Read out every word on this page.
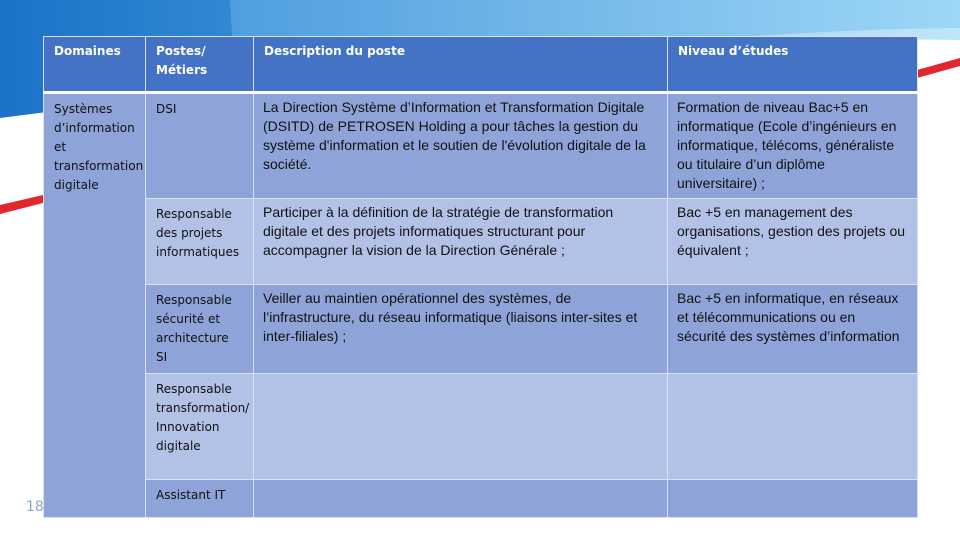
18
Domaines	Postes/ Métiers	Description du poste	Niveau d’études
Systèmes d’information et transformation digitale	DSI	La Direction Système d’Information et Transformation Digitale (DSITD) de PETROSEN Holding a pour tâches la gestion du système d'information et le soutien de l'évolution digitale de la société.	Formation de niveau Bac+5 en informatique (Ecole d’ingénieurs en informatique, télécoms, généraliste ou titulaire d’un diplôme universitaire) ;
	Responsable des projets informatiques	Participer à la définition de la stratégie de transformation digitale et des projets informatiques structurant pour accompagner la vision de la Direction Générale ;	Bac +5 en management des organisations, gestion des projets ou équivalent ;
	Responsable sécurité et architecture SI	Veiller au maintien opérationnel des systèmes, de l’infrastructure, du réseau informatique (liaisons inter-sites et inter-filiales) ;	Bac +5 en informatique, en réseaux et télécommunications ou en sécurité des systèmes d’information
	Responsable transformation/ Innovation digitale		
	Assistant IT		
